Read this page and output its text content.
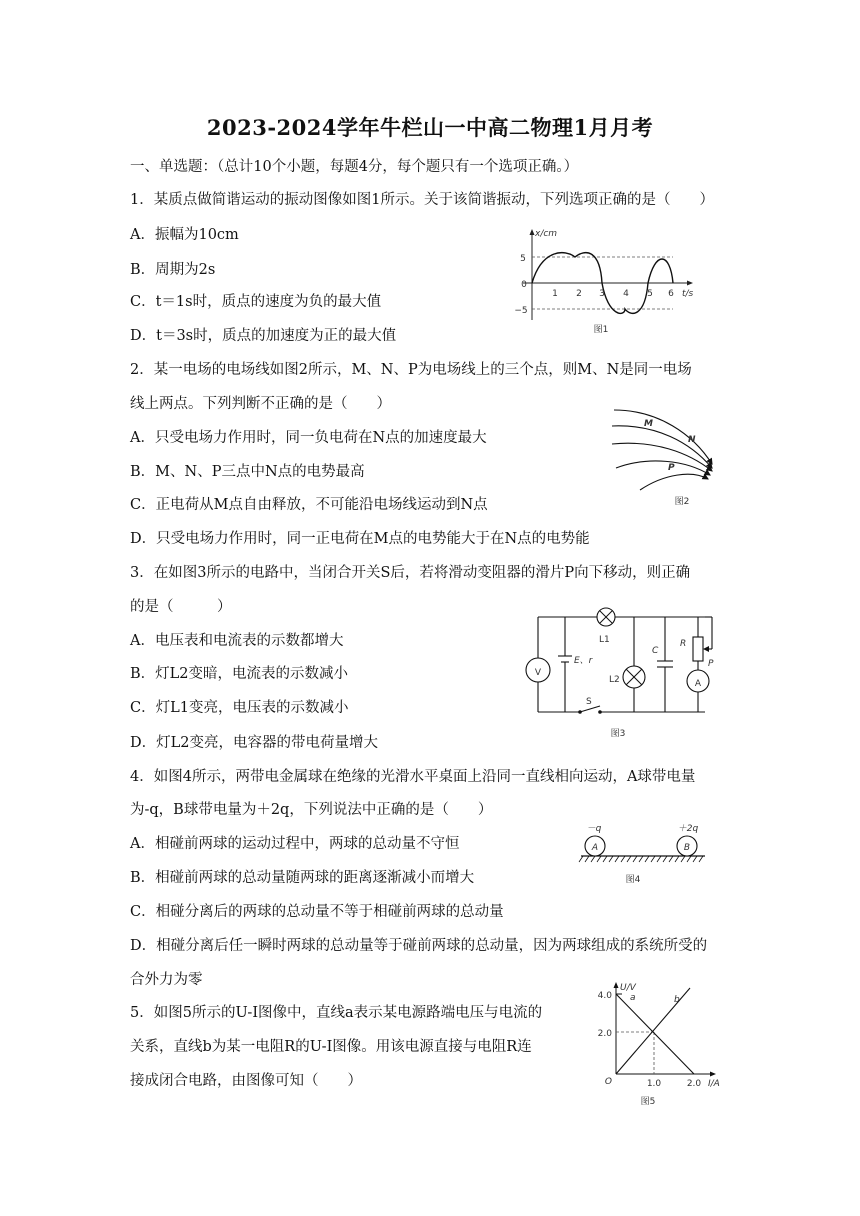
2023-2024学年牛栏山一中高二物理1月月考
一、单选题：（总计10个小题，每题4分，每个题只有一个选项正确。）
1．某质点做简谐运动的振动图像如图1所示。关于该简谐振动，下列选项正确的是（　　）
A．振幅为10cm
B．周期为2s
C．t＝1s时，质点的速度为负的最大值
D．t＝3s时，质点的加速度为正的最大值
x/cm
5
0
−5
1 2 3 4 5 6 t/s
图1
2．某一电场的电场线如图2所示，M、N、P为电场线上的三个点，则M、N是同一电场
线上两点。下列判断不正确的是（　　）
A．只受电场力作用时，同一负电荷在N点的加速度最大
B．M、N、P三点中N点的电势最高
C．正电荷从M点自由释放，不可能沿电场线运动到N点
D．只受电场力作用时，同一正电荷在M点的电势能大于在N点的电势能
M
N
P
图2
3．在如图3所示的电路中，当闭合开关S后，若将滑动变阻器的滑片P向下移动，则正确
的是（　　　）
A．电压表和电流表的示数都增大
B．灯L2变暗，电流表的示数减小
C．灯L1变亮，电压表的示数减小
D．灯L2变亮，电容器的带电荷量增大
V
A
L1
L2
C
R
P
E、r
S
图3
4．如图4所示，两带电金属球在绝缘的光滑水平桌面上沿同一直线相向运动，A球带电量
为-q，B球带电量为＋2q，下列说法中正确的是（　　）
A．相碰前两球的运动过程中，两球的总动量不守恒
B．相碰前两球的总动量随两球的距离逐渐减小而增大
C．相碰分离后的两球的总动量不等于相碰前两球的总动量
D．相碰分离后任一瞬时两球的总动量等于碰前两球的总动量，因为两球组成的系统所受的
合外力为零
A	B
－q	＋2q
图4
5．如图5所示的U-I图像中，直线a表示某电源路端电压与电流的
关系，直线b为某一电阻R的U-I图像。用该电源直接与电阻R连
接成闭合电路，由图像可知（　　）
U/V
4.0
2.0
1.0	2.0 I/A
O
a	b
图5
